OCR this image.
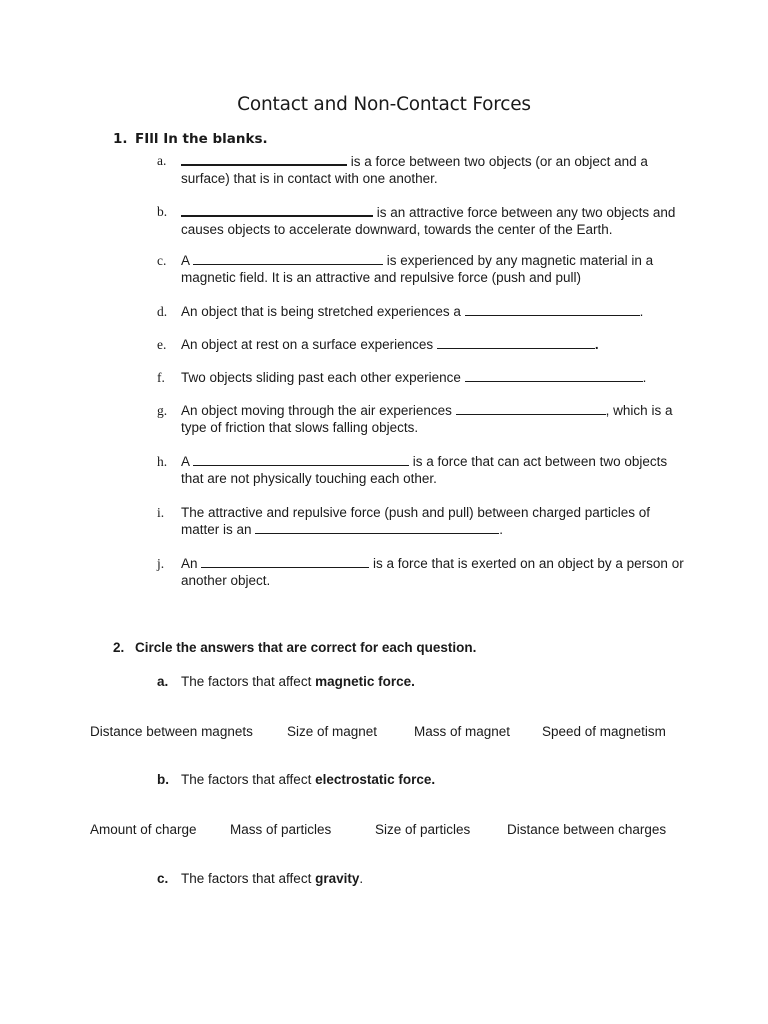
Contact and Non-Contact Forces
1. FIll In the blanks.
a.	is a force between two objects (or an object and a surface) that is in contact with one another.
b.	is an attractive force between any two objects and causes objects to accelerate downward, towards the center of the Earth.
c. A	is experienced by any magnetic material in a magnetic field. It is an attractive and repulsive force (push and pull)
d. An object that is being stretched experiences a	.
e. An object at rest on a surface experiences	.
f. Two objects sliding past each other experience	.
g. An object moving through the air experiences	, which is a type of friction that slows falling objects.
h. A	is a force that can act between two objects that are not physically touching each other.
i. The attractive and repulsive force (push and pull) between charged particles of matter is an	.
j. An	is a force that is exerted on an object by a person or another object.
2. Circle the answers that are correct for each question.
a. The factors that affect magnetic force.
Distance between magnets	Size of magnet	Mass of magnet Speed of magnetism
b. The factors that affect electrostatic force.
Amount of charge Mass of particles	Size of particles	Distance between charges
c. The factors that affect gravity.
